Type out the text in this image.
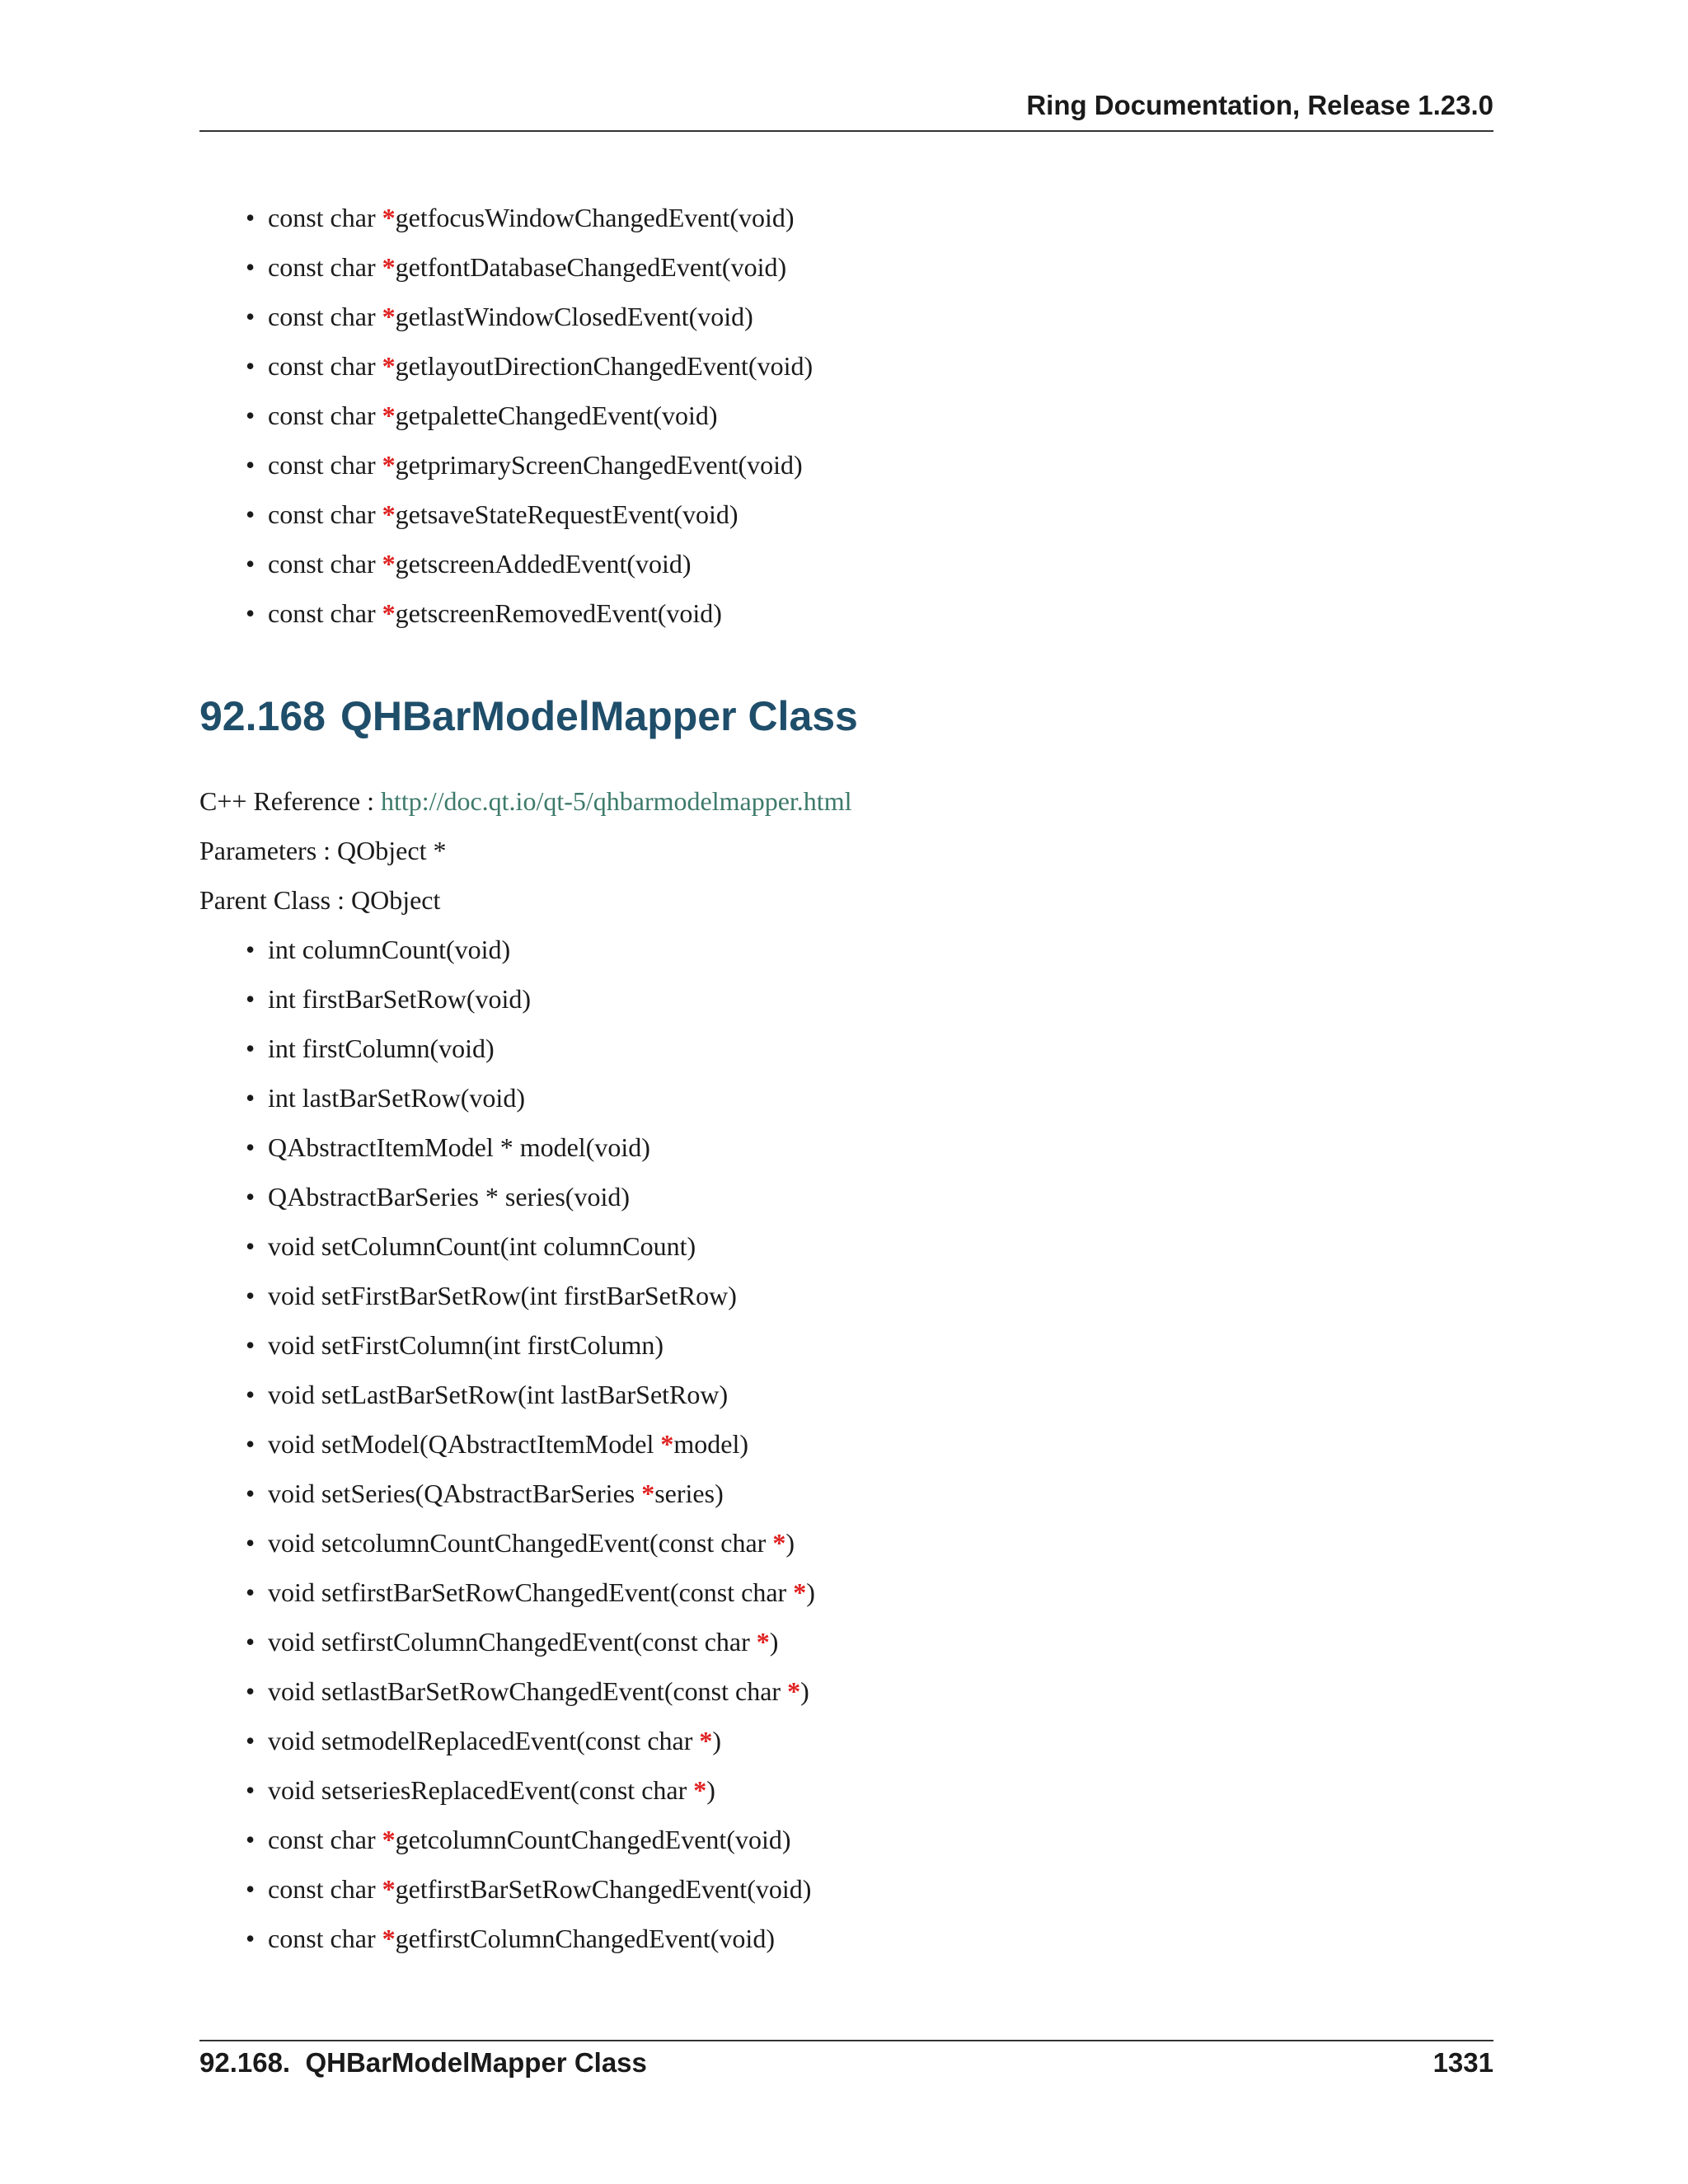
Ring Documentation, Release 1.23.0
• const char *getfocusWindowChangedEvent(void)
• const char *getfontDatabaseChangedEvent(void)
• const char *getlastWindowClosedEvent(void)
• const char *getlayoutDirectionChangedEvent(void)
• const char *getpaletteChangedEvent(void)
• const char *getprimaryScreenChangedEvent(void)
• const char *getsaveStateRequestEvent(void)
• const char *getscreenAddedEvent(void)
• const char *getscreenRemovedEvent(void)
92.168 QHBarModelMapper Class
C++ Reference : http://doc.qt.io/qt-5/qhbarmodelmapper.html
Parameters : QObject *
Parent Class : QObject
• int columnCount(void)
• int firstBarSetRow(void)
• int firstColumn(void)
• int lastBarSetRow(void)
• QAbstractItemModel * model(void)
• QAbstractBarSeries * series(void)
• void setColumnCount(int columnCount)
• void setFirstBarSetRow(int firstBarSetRow)
• void setFirstColumn(int firstColumn)
• void setLastBarSetRow(int lastBarSetRow)
• void setModel(QAbstractItemModel *model)
• void setSeries(QAbstractBarSeries *series)
• void setcolumnCountChangedEvent(const char *)
• void setfirstBarSetRowChangedEvent(const char *)
• void setfirstColumnChangedEvent(const char *)
• void setlastBarSetRowChangedEvent(const char *)
• void setmodelReplacedEvent(const char *)
• void setseriesReplacedEvent(const char *)
• const char *getcolumnCountChangedEvent(void)
• const char *getfirstBarSetRowChangedEvent(void)
• const char *getfirstColumnChangedEvent(void)
92.168.  QHBarModelMapper Class	1331
